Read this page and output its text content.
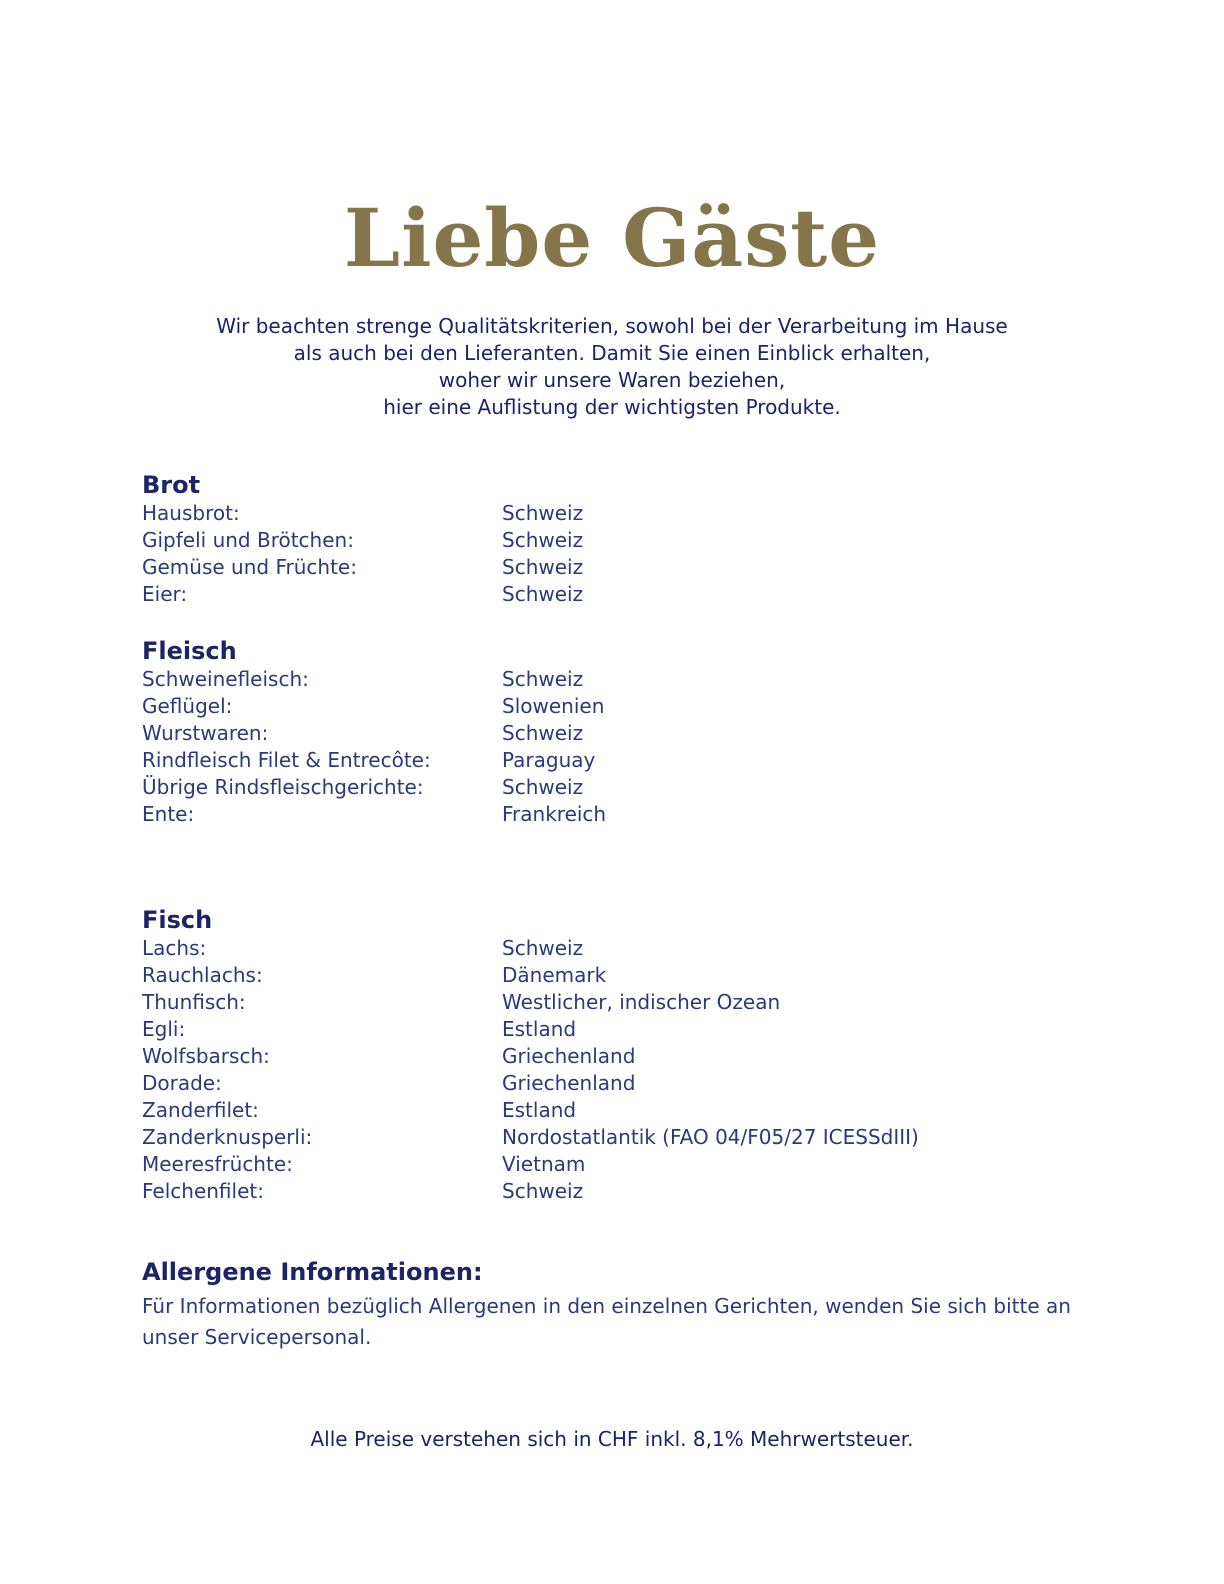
Liebe Gäste
Wir beachten strenge Qualitätskriterien, sowohl bei der Verarbeitung im Hause
als auch bei den Lieferanten. Damit Sie einen Einblick erhalten,
woher wir unsere Waren beziehen,
hier eine Auflistung der wichtigsten Produkte.
Brot
Hausbrot:	Schweiz
Gipfeli und Brötchen:	Schweiz
Gemüse und Früchte:	Schweiz
Eier:	Schweiz
Fleisch
Schweinefleisch:	Schweiz
Geflügel:	Slowenien
Wurstwaren:	Schweiz
Rindfleisch Filet & Entrecôte:	Paraguay
Übrige Rindsfleischgerichte:	Schweiz
Ente:	Frankreich
Fisch
Lachs:	Schweiz
Rauchlachs:	Dänemark
Thunfisch:	Westlicher, indischer Ozean
Egli:	Estland
Wolfsbarsch:	Griechenland
Dorade:	Griechenland
Zanderfilet:	Estland
Zanderknusperli:	Nordostatlantik (FAO 04/F05/27 ICESSdIII)
Meeresfrüchte:	Vietnam
Felchenfilet:	Schweiz
Allergene Informationen:
Für Informationen bezüglich Allergenen in den einzelnen Gerichten, wenden Sie sich bitte an
unser Servicepersonal.
Alle Preise verstehen sich in CHF inkl. 8,1% Mehrwertsteuer.
